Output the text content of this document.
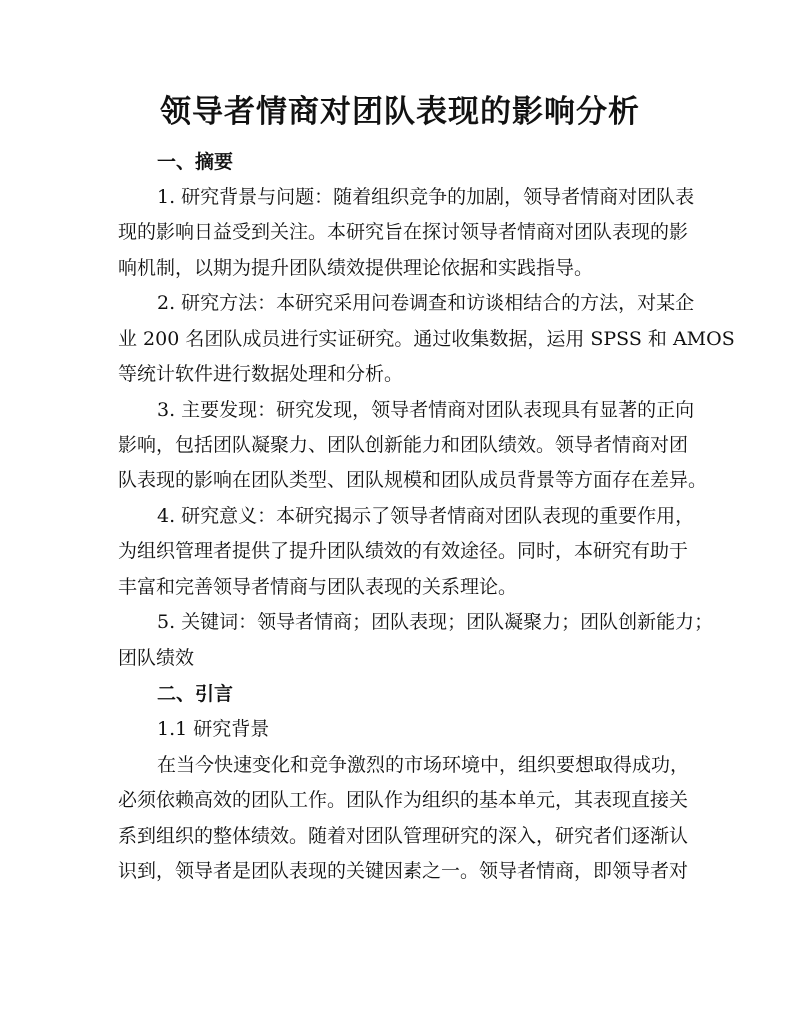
领导者情商对团队表现的影响分析
一、摘要
1. 研究背景与问题：随着组织竞争的加剧，领导者情商对团队表
现的影响日益受到关注。本研究旨在探讨领导者情商对团队表现的影
响机制，以期为提升团队绩效提供理论依据和实践指导。
2. 研究方法：本研究采用问卷调查和访谈相结合的方法，对某企
业 200 名团队成员进行实证研究。通过收集数据，运用 SPSS 和 AMOS
等统计软件进行数据处理和分析。
3. 主要发现：研究发现，领导者情商对团队表现具有显著的正向
影响，包括团队凝聚力、团队创新能力和团队绩效。领导者情商对团
队表现的影响在团队类型、团队规模和团队成员背景等方面存在差异。
4. 研究意义：本研究揭示了领导者情商对团队表现的重要作用，
为组织管理者提供了提升团队绩效的有效途径。同时，本研究有助于
丰富和完善领导者情商与团队表现的关系理论。
5. 关键词：领导者情商；团队表现；团队凝聚力；团队创新能力；
团队绩效
二、引言
1.1 研究背景
在当今快速变化和竞争激烈的市场环境中，组织要想取得成功，
必须依赖高效的团队工作。团队作为组织的基本单元，其表现直接关
系到组织的整体绩效。随着对团队管理研究的深入，研究者们逐渐认
识到，领导者是团队表现的关键因素之一。领导者情商，即领导者对
